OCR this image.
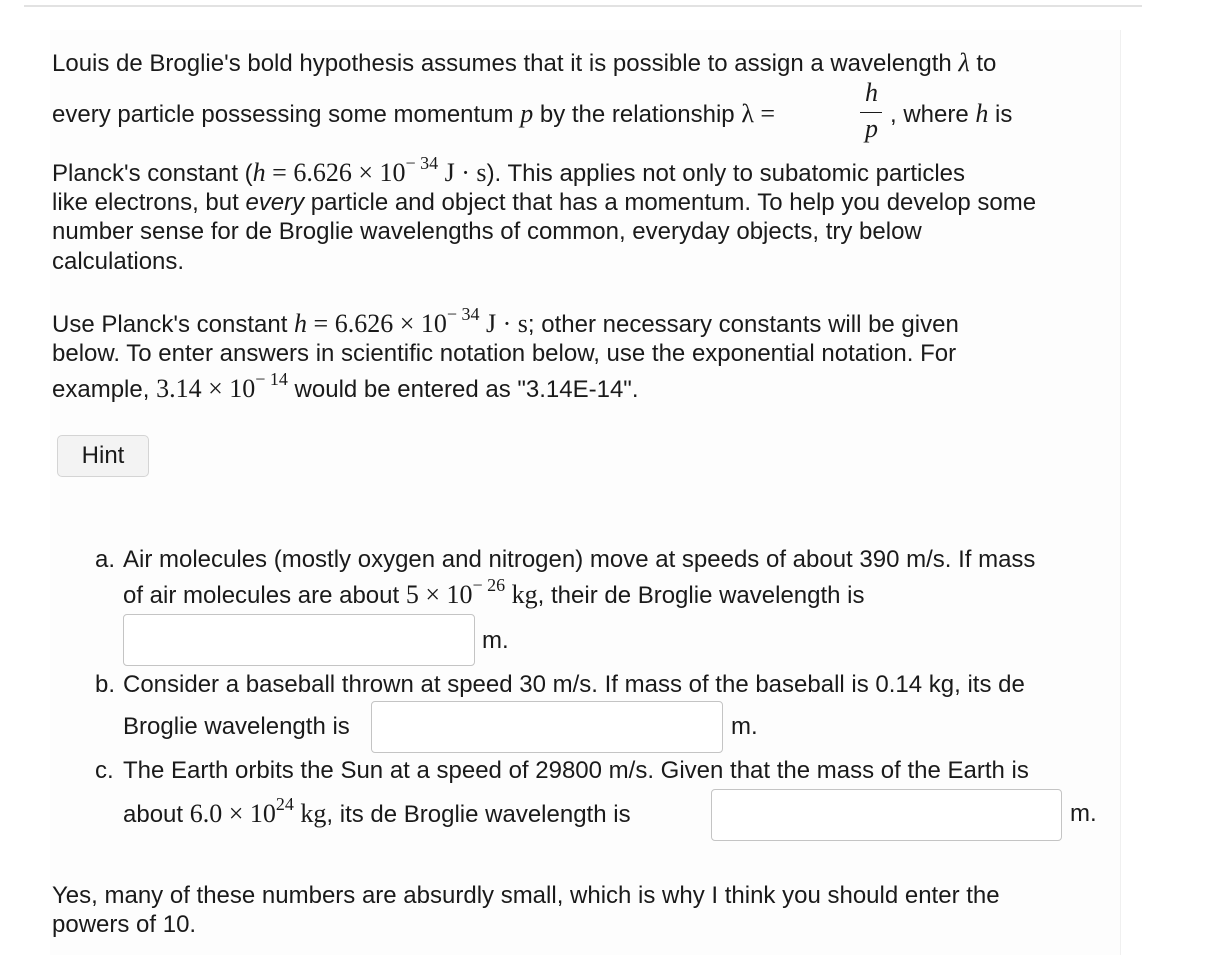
Louis de Broglie's bold hypothesis assumes that it is possible to assign a wavelength λ to
every particle possessing some momentum p by the relationship λ =
h
p , where h is
Planck's constant ($h = 6.626 \times 10^{- 34}$ J · s). This applies not only to subatomic particles
like electrons, but every particle and object that has a momentum. To help you develop some
number sense for de Broglie wavelengths of common, everyday objects, try below
calculations.
Use Planck's constant $h = 6.626 \times 10^{- 34}$ J · s; other necessary constants will be given
below. To enter answers in scientific notation below, use the exponential notation. For
example, $3.14 \times 10^{- 14}$ would be entered as "3.14E-14".
Hint
a. Air molecules (mostly oxygen and nitrogen) move at speeds of about 390 m/s. If mass
of air molecules are about $5 \times 10^{- 26}$ kg, their de Broglie wavelength is
m.
b. Consider a baseball thrown at speed 30 m/s. If mass of the baseball is 0.14 kg, its de
Broglie wavelength is	m.
c. The Earth orbits the Sun at a speed of 29800 m/s. Given that the mass of the Earth is
about $6.0 \times 10^{24}$ kg, its de Broglie wavelength is	m.
Yes, many of these numbers are absurdly small, which is why I think you should enter the
powers of 10.
